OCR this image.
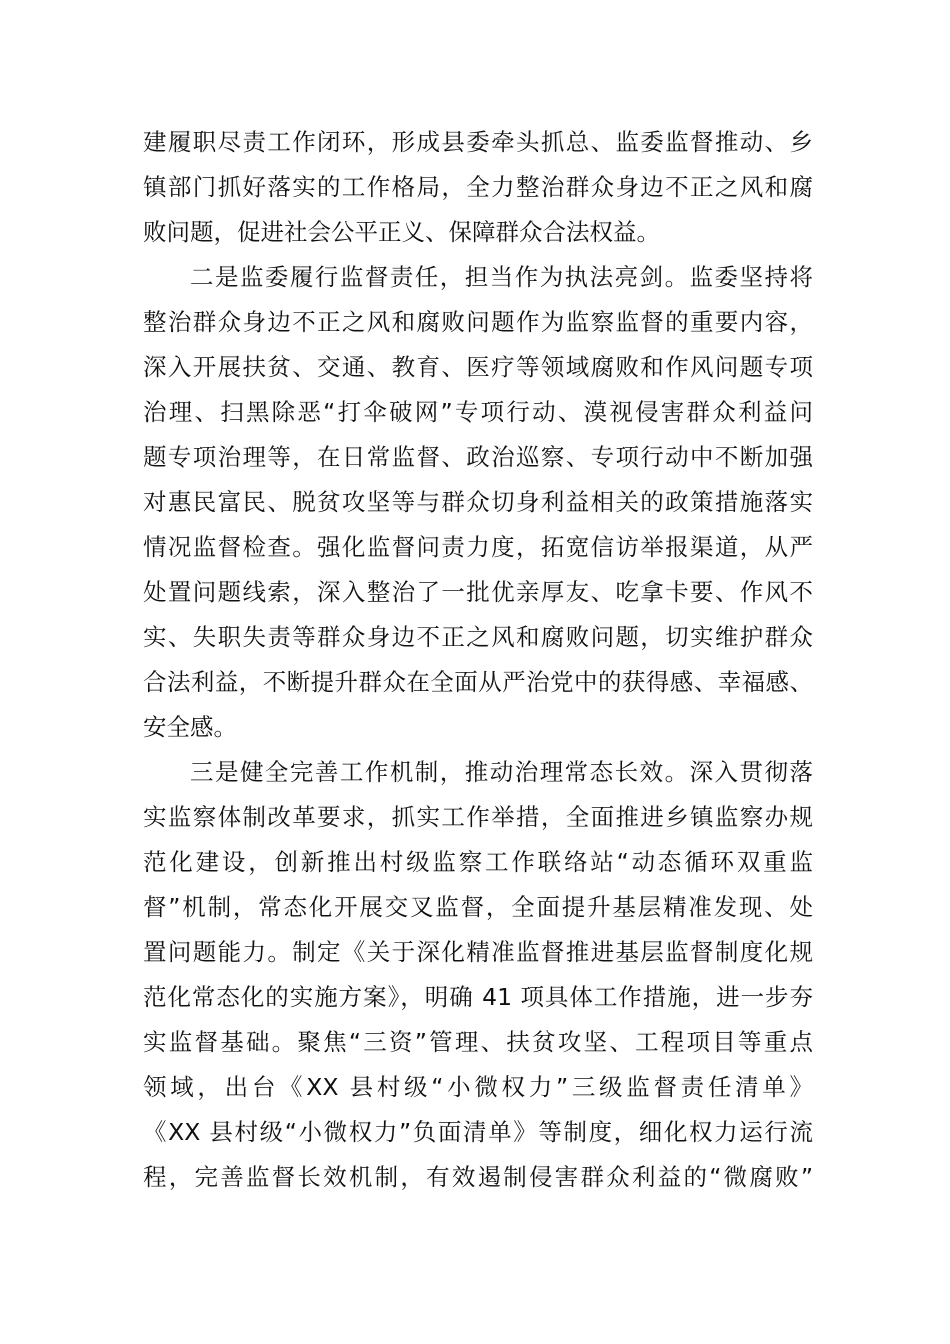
建履职尽责工作闭环，形成县委牵头抓总、监委监督推动、乡
镇部门抓好落实的工作格局，全力整治群众身边不正之风和腐
败问题，促进社会公平正义、保障群众合法权益。
二是监委履行监督责任，担当作为执法亮剑。监委坚持将
整治群众身边不正之风和腐败问题作为监察监督的重要内容，
深入开展扶贫、交通、教育、医疗等领域腐败和作风问题专项
治理、扫黑除恶“打伞破网”专项行动、漠视侵害群众利益问
题专项治理等，在日常监督、政治巡察、专项行动中不断加强
对惠民富民、脱贫攻坚等与群众切身利益相关的政策措施落实
情况监督检查。强化监督问责力度，拓宽信访举报渠道，从严
处置问题线索，深入整治了一批优亲厚友、吃拿卡要、作风不
实、失职失责等群众身边不正之风和腐败问题，切实维护群众
合法利益，不断提升群众在全面从严治党中的获得感、幸福感、
安全感。
三是健全完善工作机制，推动治理常态长效。深入贯彻落
实监察体制改革要求，抓实工作举措，全面推进乡镇监察办规
范化建设，创新推出村级监察工作联络站“动态循环双重监
督”机制，常态化开展交叉监督，全面提升基层精准发现、处
置问题能力。制定《关于深化精准监督推进基层监督制度化规
范化常态化的实施方案》，明确 41 项具体工作措施，进一步夯
实监督基础。聚焦“三资”管理、扶贫攻坚、工程项目等重点
领域，出台《XX 县村级“小微权力”三级监督责任清单》
《XX 县村级“小微权力”负面清单》等制度，细化权力运行流
程，完善监督长效机制，有效遏制侵害群众利益的“微腐败”
